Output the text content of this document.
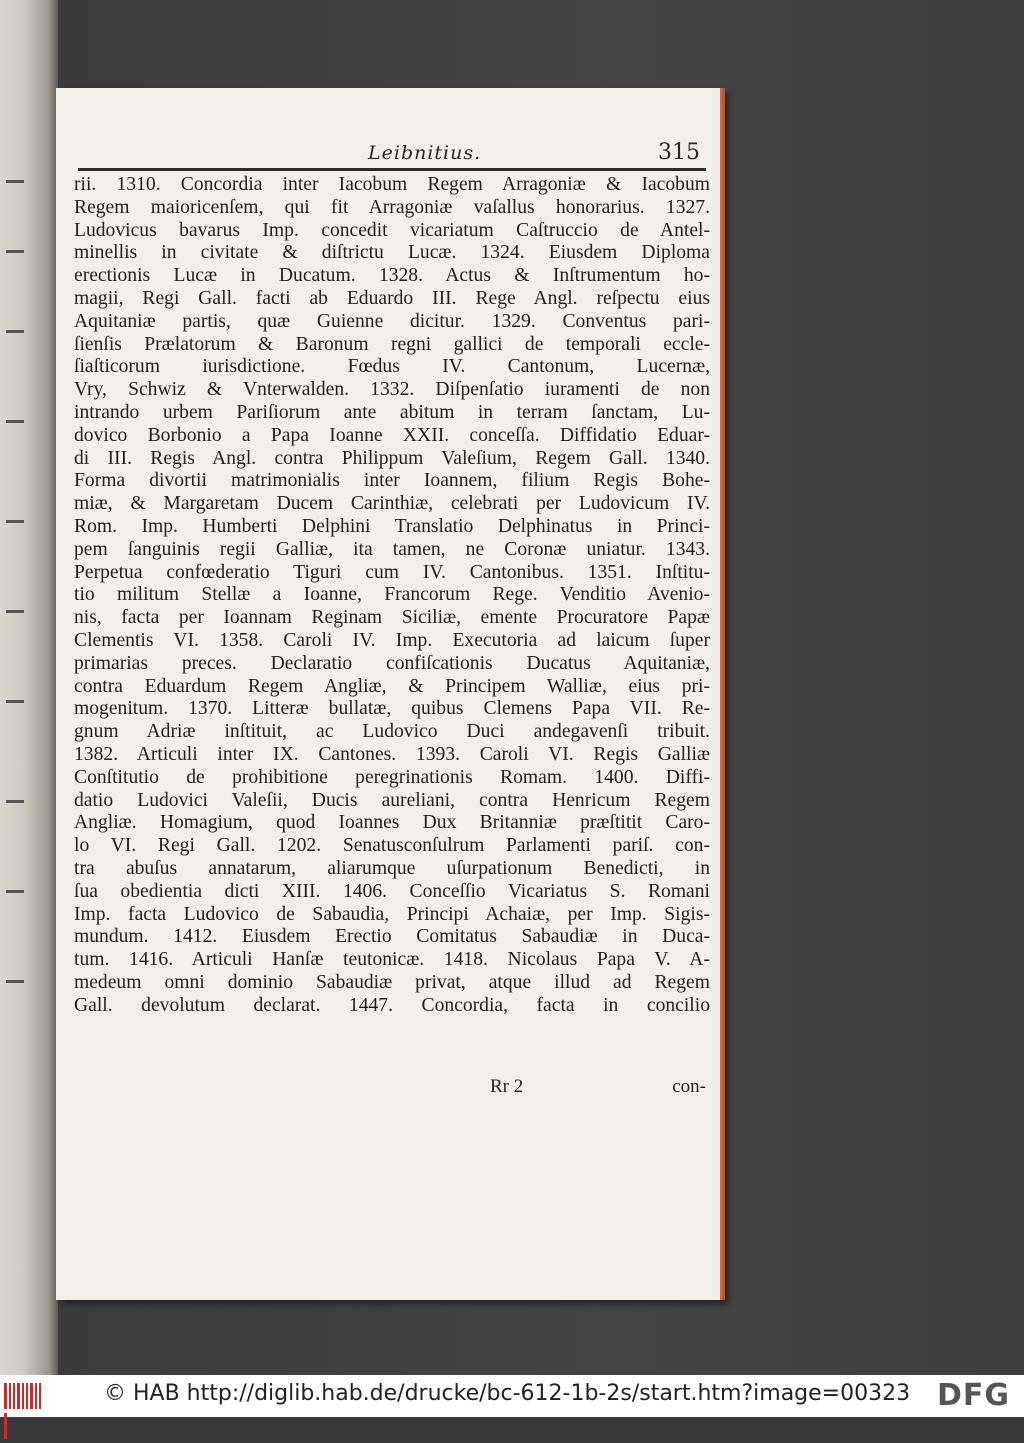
Leibnitius.	315
rii. 1310. Concordia inter Iacobum Regem Arragoniæ & Iacobum
Regem maioricenſem, qui fit Arragoniæ vaſallus honorarius. 1327.
Ludovicus bavarus Imp. concedit vicariatum Caſtruccio de Antel-
minellis in civitate & diſtrictu Lucæ. 1324. Eiusdem Diploma
erectionis Lucæ in Ducatum. 1328. Actus & Inſtrumentum ho-
magii, Regi Gall. facti ab Eduardo III. Rege Angl. reſpectu eius
Aquitaniæ partis, quæ Guienne dicitur. 1329. Conventus pari-
ſienſis Prælatorum & Baronum regni gallici de temporali eccle-
ſiaſticorum iurisdictione. Fœdus IV. Cantonum, Lucernæ,
Vry, Schwiz & Vnterwalden. 1332. Diſpenſatio iuramenti de non
intrando urbem Pariſiorum ante abitum in terram ſanctam, Lu-
dovico Borbonio a Papa Ioanne XXII. conceſſa. Diffidatio Eduar-
di III. Regis Angl. contra Philippum Valeſium, Regem Gall. 1340.
Forma divortii matrimonialis inter Ioannem, filium Regis Bohe-
miæ, & Margaretam Ducem Carinthiæ, celebrati per Ludovicum IV.
Rom. Imp. Humberti Delphini Translatio Delphinatus in Princi-
pem ſanguinis regii Galliæ, ita tamen, ne Coronæ uniatur. 1343.
Perpetua confœderatio Tiguri cum IV. Cantonibus. 1351. Inſtitu-
tio militum Stellæ a Ioanne, Francorum Rege. Venditio Avenio-
nis, facta per Ioannam Reginam Siciliæ, emente Procuratore Papæ
Clementis VI. 1358. Caroli IV. Imp. Executoria ad laicum ſuper
primarias preces. Declaratio confiſcationis Ducatus Aquitaniæ,
contra Eduardum Regem Angliæ, & Principem Walliæ, eius pri-
mogenitum. 1370. Litteræ bullatæ, quibus Clemens Papa VII. Re-
gnum Adriæ inſtituit, ac Ludovico Duci andegavenſi tribuit.
1382. Articuli inter IX. Cantones. 1393. Caroli VI. Regis Galliæ
Conſtitutio de prohibitione peregrinationis Romam. 1400. Diffi-
datio Ludovici Valeſii, Ducis aureliani, contra Henricum Regem
Angliæ. Homagium, quod Ioannes Dux Britanniæ præſtitit Caro-
lo VI. Regi Gall. 1202. Senatusconſulrum Parlamenti pariſ. con-
tra abuſus annatarum, aliarumque uſurpationum Benedicti, in
ſua obedientia dicti XIII. 1406. Conceſſio Vicariatus S. Romani
Imp. facta Ludovico de Sabaudia, Principi Achaiæ, per Imp. Sigis-
mundum. 1412. Eiusdem Erectio Comitatus Sabaudiæ in Duca-
tum. 1416. Articuli Hanſæ teutonicæ. 1418. Nicolaus Papa V. A-
medeum omni dominio Sabaudiæ privat, atque illud ad Regem
Gall. devolutum declarat. 1447. Concordia, facta in concilio
Rr 2	con-
© HAB http://diglib.hab.de/drucke/bc-612-1b-2s/start.htm?image=00323 DFG
